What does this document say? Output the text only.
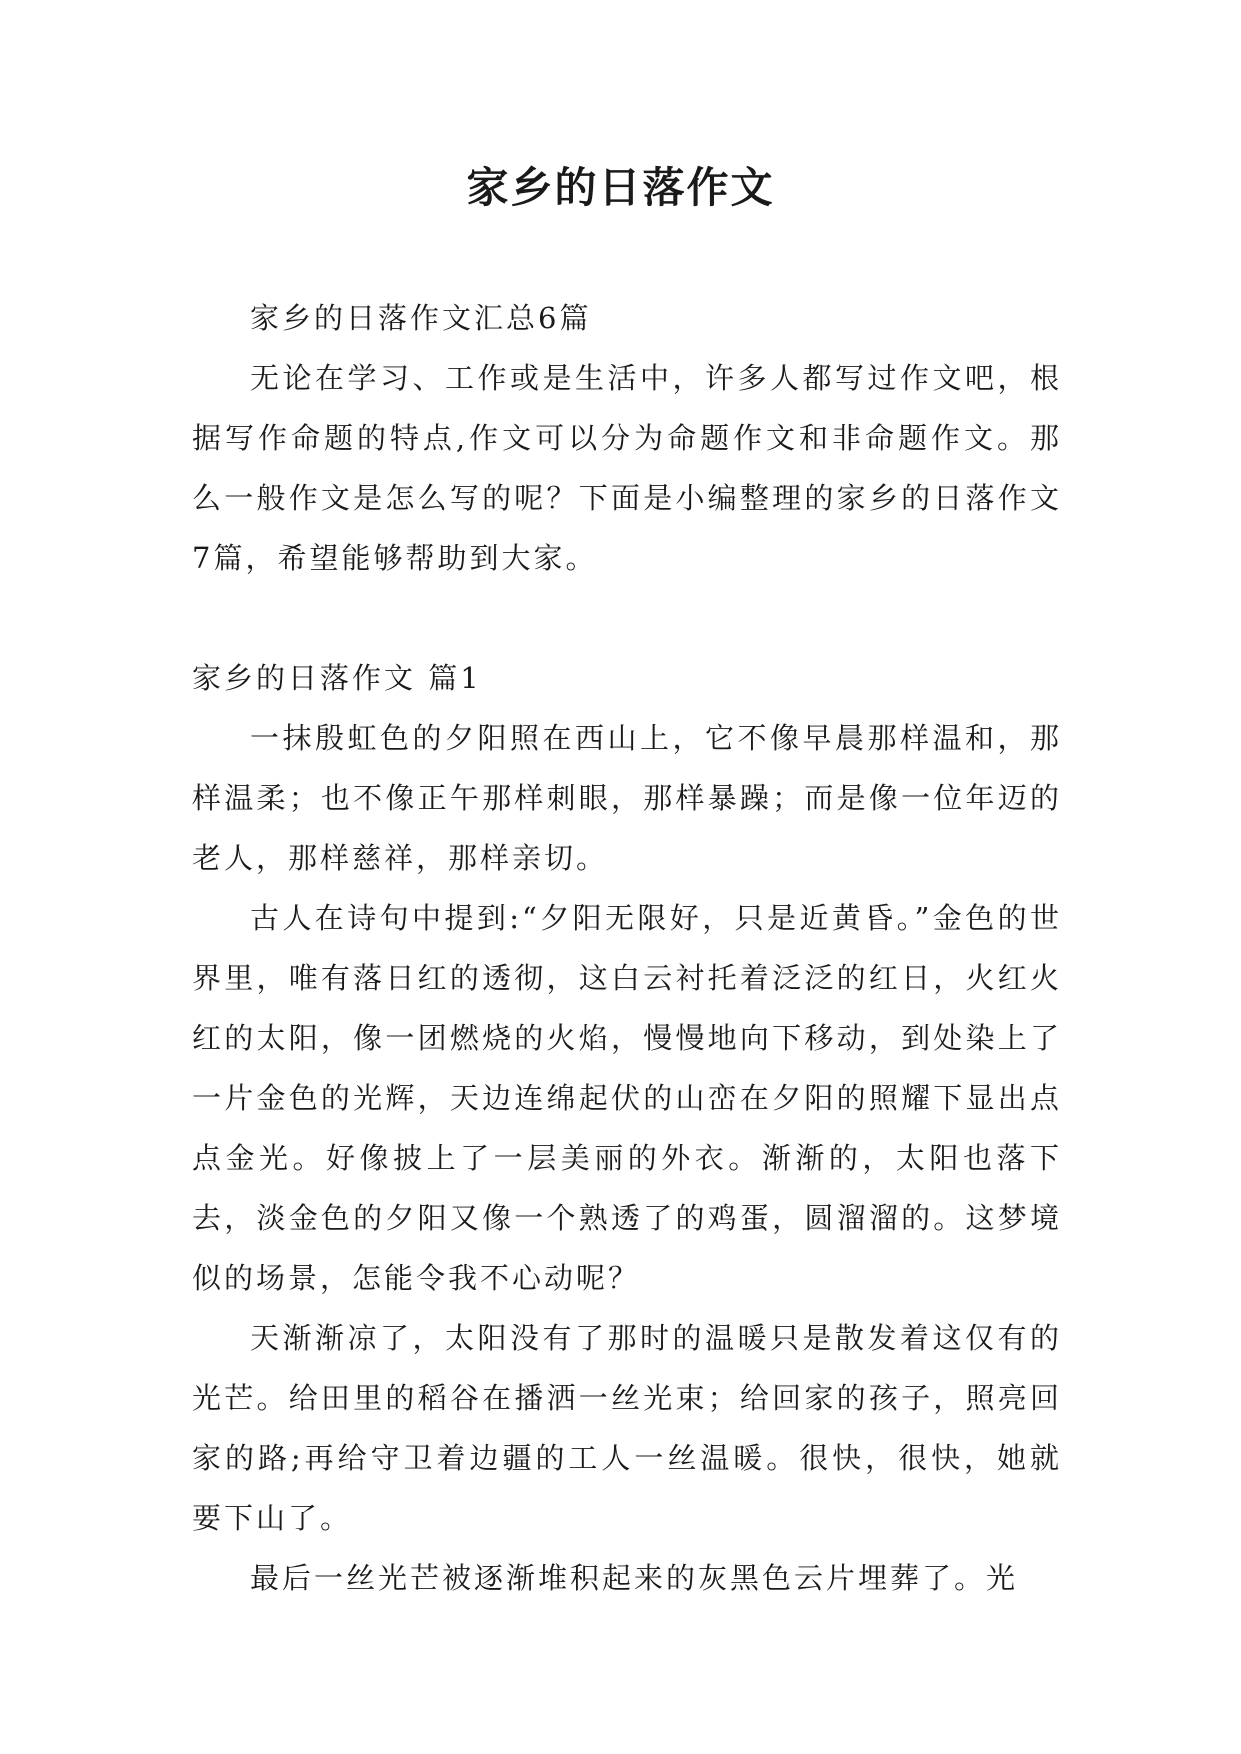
家乡的日落作文

家乡的日落作文汇总6篇

无论在学习、工作或是生活中，许多人都写过作文吧，根据写作命题的特点,作文可以分为命题作文和非命题作文。那么一般作文是怎么写的呢？下面是小编整理的家乡的日落作文7篇，希望能够帮助到大家。

家乡的日落作文 篇1

一抹殷虹色的夕阳照在西山上，它不像早晨那样温和，那样温柔；也不像正午那样刺眼，那样暴躁；而是像一位年迈的老人，那样慈祥，那样亲切。

古人在诗句中提到:“夕阳无限好，只是近黄昏。”金色的世界里，唯有落日红的透彻，这白云衬托着泛泛的红日，火红火红的太阳，像一团燃烧的火焰，慢慢地向下移动，到处染上了一片金色的光辉，天边连绵起伏的山峦在夕阳的照耀下显出点点金光。好像披上了一层美丽的外衣。渐渐的，太阳也落下去，淡金色的夕阳又像一个熟透了的鸡蛋，圆溜溜的。这梦境似的场景，怎能令我不心动呢？

天渐渐凉了，太阳没有了那时的温暖只是散发着这仅有的光芒。给田里的稻谷在播洒一丝光束；给回家的孩子，照亮回家的路;再给守卫着边疆的工人一丝温暖。很快，很快，她就要下山了。

最后一丝光芒被逐渐堆积起来的灰黑色云片埋葬了。光
